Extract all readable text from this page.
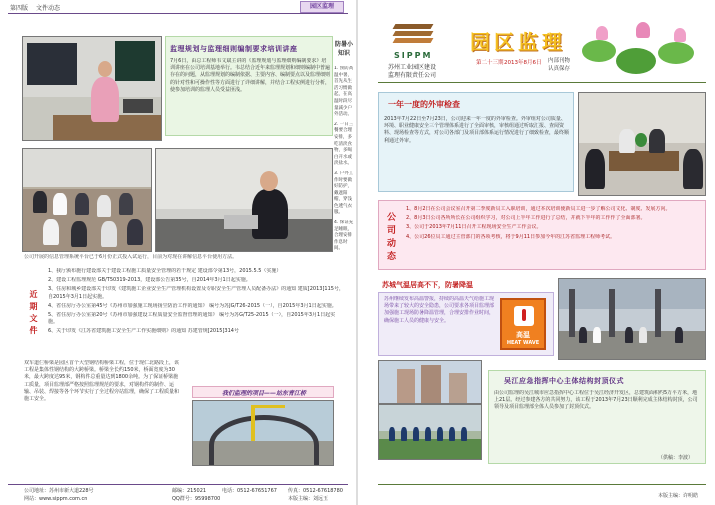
第四版 文件动态	园区监理
监理规划与监理细则编制要求培训讲座
7月6日，由总工程师韦文斌主讲的《监理规划与监理细则编制要求》培训讲座在公司培训基地举行。韦总结合近年来监理规划和细则编制中普遍存在的问题，从监理规划的编制依据、主要内容、编制要点以及监理细则的针对性和可操作性等方面进行了详细讲解，并结合工程实例进行分析，使参加培训的监理人员受益匪浅。
公司开展的信息管理系统平台已于6月份正式投入试运行，目前为对现在讲解信息平台使用方法。
防暑小知识
1. 预防高温中暑，首先从生活习惯做起，在高温时段尽量减少户外活动。
2. 一日三餐要合理安排，多吃清淡食物，多喝白开水或淡盐水。
3. 户外工作时要做好防护，戴遮阳帽，穿浅色透气衣服。
4. 保证充足睡眠，合理安排作息时间。
近期文件
1、我厅颁布施行建设部关于建设工程施工质量安全管理的若干规定 建设部令第13号，2015.5.5（实施）
2、建设工程监理规范 GB/T50319-2013，建设部公告第35号，自2014年3月1日起实施。
3、住房和城乡建设部关于印发《建筑施工企业安全生产管理机构设置及专职安全生产管理人员配备办法》的通知 建质[2013]115号，自2015年3月1日起实施。
4、省住房厅办公室第45号《苏州市加强施工现场扬尘防治工作的通知》 编号为苏JG/T26-2015（一），自2015年3月1日起实施。
5、省住房厅办公室第20号《苏州市加强建设工程质量安全监督管理的通知》 编号为苏G/T25-2015（一），自2015年3月1日起实施。
6、关于印发《江苏省建筑施工安全生产工作实施细则》的通知 苏建管规[2015]314号
双车道仨桥梁是园区首个大型钢结构桥梁工程，位于现仁北路段上，该工程是集体性钢结构的大跨桥梁。桥梁全长约150米，桥面宽度为30米，最大跨度达95米，钢构件总重量达到1800余吨。为了保证桥梁施工质量，项目监理部严格按照监理规范的要求，对钢构件的制作、运输、吊装、焊接等各个环节实行了全过程旁站监理，确保了工程质量和施工安全。
我们监理的项目——站东青江桥
公司地址：苏州市新大道228号	邮编：215021	电话：0512-67651767 传真：0512-67618780
网站：www.sippm.com.cn	QQ群号：95998700	本版主编：刘远玉
SIPPM
苏州工业园区建设
监理有限责任公司
园区监理
第二十三期 2013年8月6日 内部刊物
认真保存
一年一度的外审检查
2013年7月22日至7月23日，公司迎来一年一度的外审检查。外审组对公司质量、环境、职业健康安全三个管理体系进行了全面审核，审核组通过听取汇报、查阅资料、现场检查等方式，对公司各部门及项目部体系运行情况进行了细致检查，最终顺利通过外审。
公司动态
1、8月2日在公司会议室召开第二季度新员工入职培训，通过本次培训使新员工进一步了解公司文化、制度、发展方向。
2、8月3日公司各所所长在公司组织学习，对公司上半年工作进行了总结，并就下半年的工作作了全面部署。
3、公司于2013年7月11日召开工程现场安全生产工作会议。
4、公司26位员工通过主管部门的各项考核，将于9月11日参加今年的江苏省监理工程师考试。
苏城气温居高不下，防暑降温
苏州继续发布高温警报，持续的高温天气给施工现场带来了较大的安全隐患，公司要求各项目监理部加强施工现场防暑降温管理，合理安排作业时间，确保施工人员的健康与安全。
高温
HEAT WAVE
吴江应急指挥中心主体结构封顶仪式
由公司监理的吴江城市应急指挥中心工程位于吴江经济开发区，总建筑面积约5万平方米，地上21层。经过参建各方的共同努力，该工程于2013年7月23日顺利完成主体结构封顶，公司领导及项目监理部全体人员参加了封顶仪式。
（供稿：李波）
本版主编：许明皓
